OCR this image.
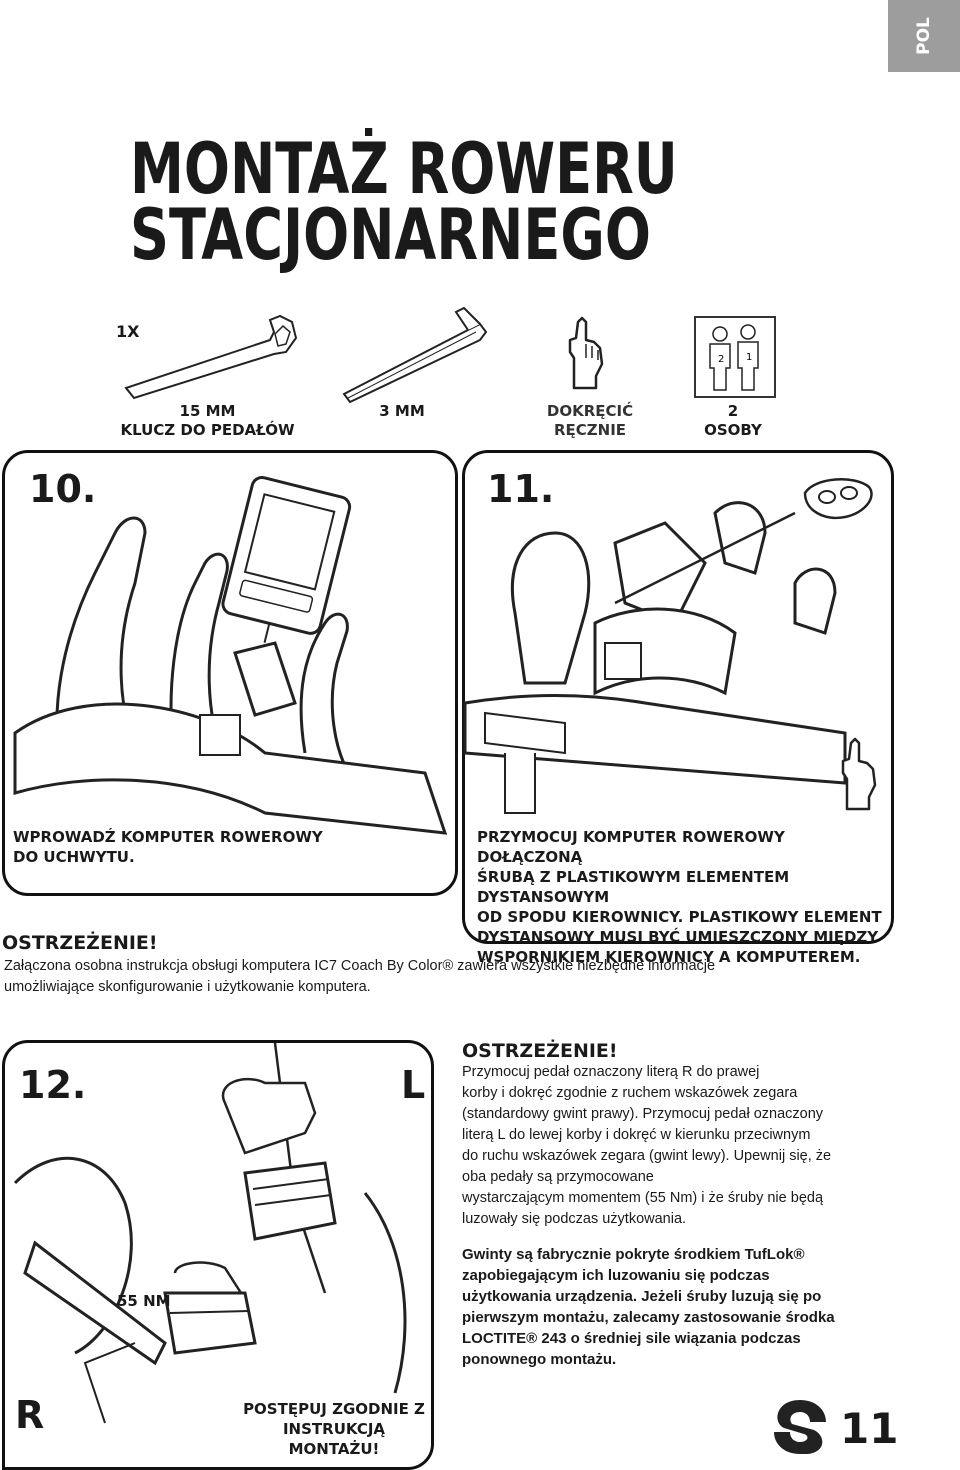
POL
MONTAŻ ROWERU
STACJONARNEGO
1X
15 MM
KLUCZ DO PEDAŁÓW
3 MM	DOKRĘCIĆ
RĘCZNIE
2 1
2
OSOBY
10.
WPROWADŹ KOMPUTER ROWEROWY
DO UCHWYTU.
11.
PRZYMOCUJ KOMPUTER ROWEROWY DOŁĄCZONĄ
ŚRUBĄ Z PLASTIKOWYM ELEMENTEM DYSTANSOWYM
OD SPODU KIEROWNICY. PLASTIKOWY ELEMENT
DYSTANSOWY MUSI BYĆ UMIESZCZONY MIĘDZY
WSPORNIKIEM KIEROWNICY A KOMPUTEREM.
OSTRZEŻENIE!
Załączona osobna instrukcja obsługi komputera IC7 Coach By Color® zawiera wszystkie niezbędne informacje
umożliwiające skonfigurowanie i użytkowanie komputera.
12.	L
R
55 NM
POSTĘPUJ ZGODNIE Z
INSTRUKCJĄ MONTAŻU!
OSTRZEŻENIE!
Przymocuj pedał oznaczony literą R do prawej
korby i dokręć zgodnie z ruchem wskazówek zegara
(standardowy gwint prawy). Przymocuj pedał oznaczony
literą L do lewej korby i dokręć w kierunku przeciwnym
do ruchu wskazówek zegara (gwint lewy). Upewnij się, że
oba pedały są przymocowane
wystarczającym momentem (55 Nm) i że śruby nie będą
luzowały się podczas użytkowania.
Gwinty są fabrycznie pokryte środkiem TufLok®
zapobiegającym ich luzowaniu się podczas
użytkowania urządzenia. Jeżeli śruby luzują się po
pierwszym montażu, zalecamy zastosowanie środka
LOCTITE® 243 o średniej sile wiązania podczas
ponownego montażu.
11
